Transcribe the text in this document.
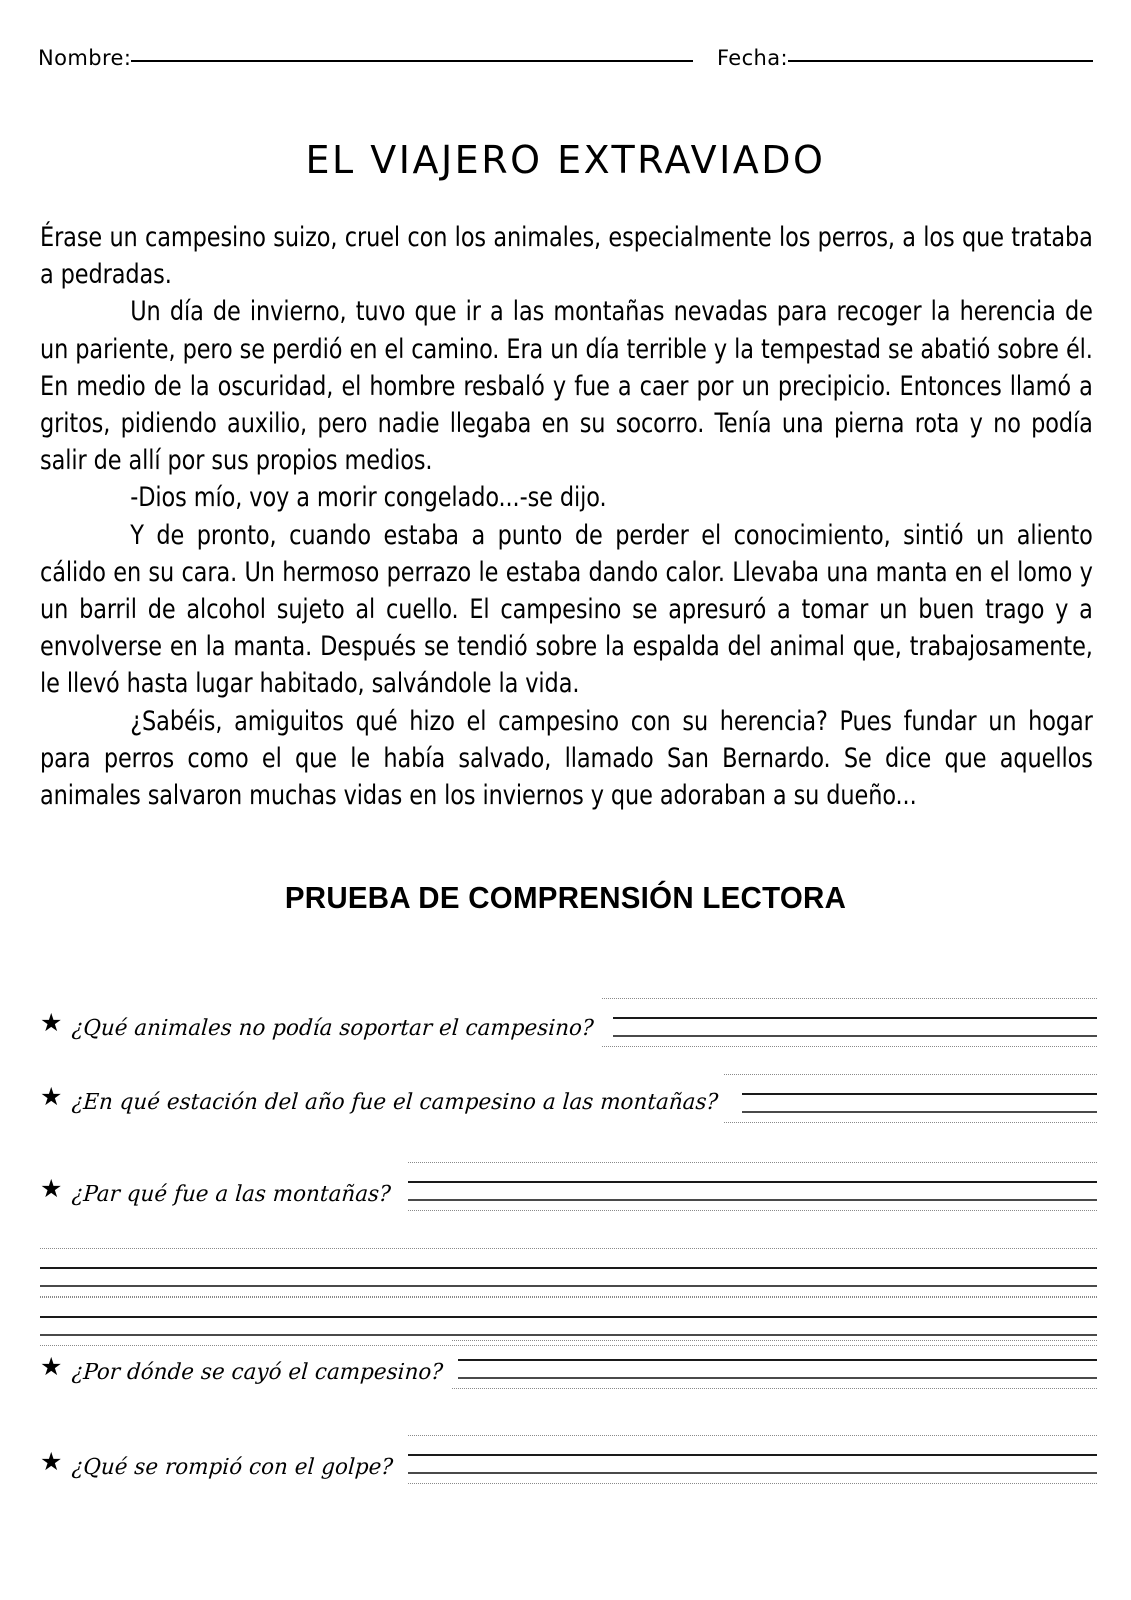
Nombre:	Fecha:
EL VIAJERO EXTRAVIADO

Érase un campesino suizo, cruel con los animales, especialmente los perros, a los que trataba a pedradas.

Un día de invierno, tuvo que ir a las montañas nevadas para recoger la herencia de un pariente, pero se perdió en el camino. Era un día terrible y la tempestad se abatió sobre él. En medio de la oscuridad, el hombre resbaló y fue a caer por un precipicio. Entonces llamó a gritos, pidiendo auxilio, pero nadie llegaba en su socorro. Tenía una pierna rota y no podía salir de allí por sus propios medios.

-Dios mío, voy a morir congelado...-se dijo.

Y de pronto, cuando estaba a punto de perder el conocimiento, sintió un aliento cálido en su cara. Un hermoso perrazo le estaba dando calor. Llevaba una manta en el lomo y un barril de alcohol sujeto al cuello. El campesino se apresuró a tomar un buen trago y a envolverse en la manta. Después se tendió sobre la espalda del animal que, trabajosamente, le llevó hasta lugar habitado, salvándole la vida.

¿Sabéis, amiguitos qué hizo el campesino con su herencia? Pues fundar un hogar para perros como el que le había salvado, llamado San Bernardo. Se dice que aquellos animales salvaron muchas vidas en los inviernos y que adoraban a su dueño...

PRUEBA DE COMPRENSIÓN LECTORA
★ ¿Qué animales no podía soportar el campesino?
★ ¿En qué estación del año fue el campesino a las montañas?
★ ¿Par qué fue a las montañas?
★ ¿Por dónde se cayó el campesino?
★ ¿Qué se rompió con el golpe?
